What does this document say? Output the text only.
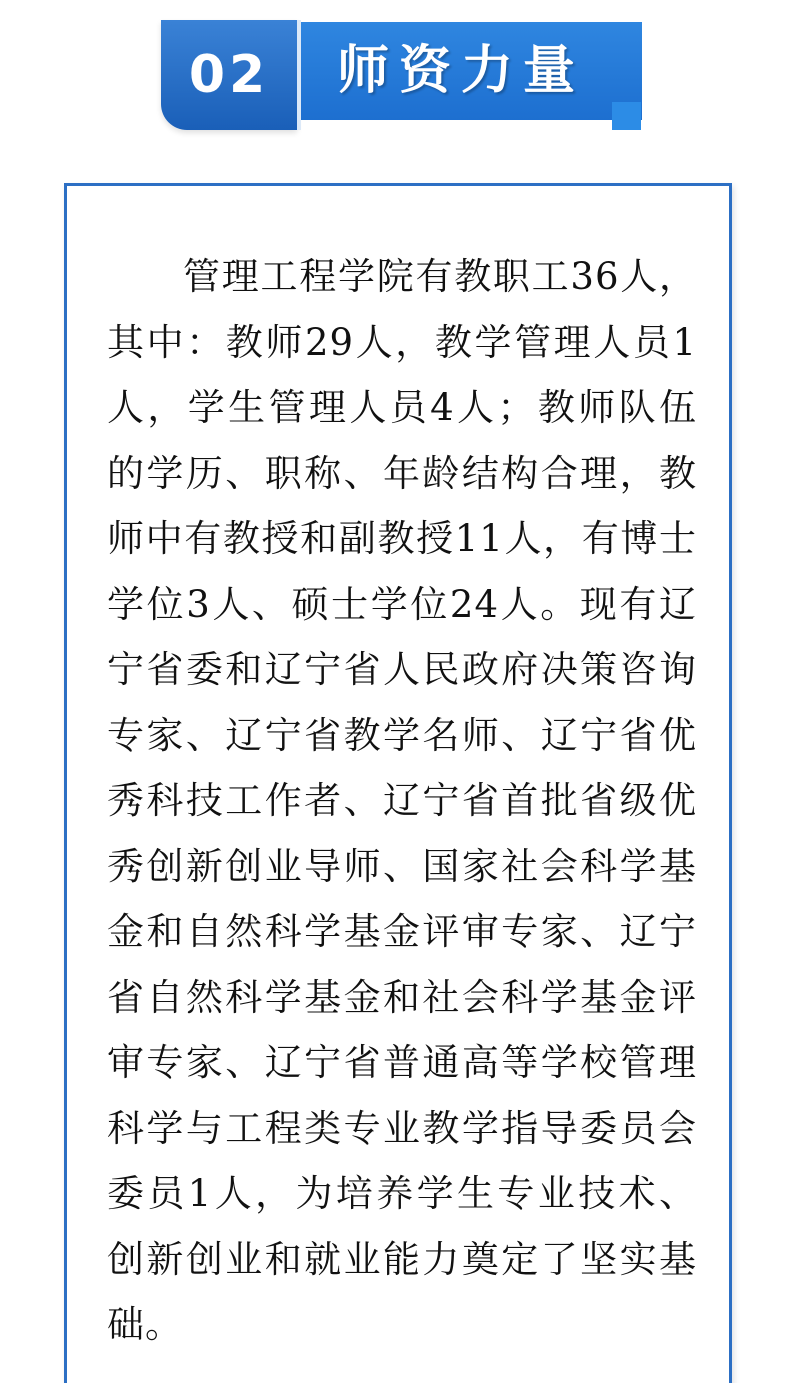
02	师资力量

管理工程学院有教职工36人，其中：教师29人，教学管理人员1人，学生管理人员4人；教师队伍的学历、职称、年龄结构合理，教师中有教授和副教授11人，有博士学位3人、硕士学位24人。现有辽宁省委和辽宁省人民政府决策咨询专家、辽宁省教学名师、辽宁省优秀科技工作者、辽宁省首批省级优秀创新创业导师、国家社会科学基金和自然科学基金评审专家、辽宁省自然科学基金和社会科学基金评审专家、辽宁省普通高等学校管理科学与工程类专业教学指导委员会委员1人，为培养学生专业技术、创新创业和就业能力奠定了坚实基础。
